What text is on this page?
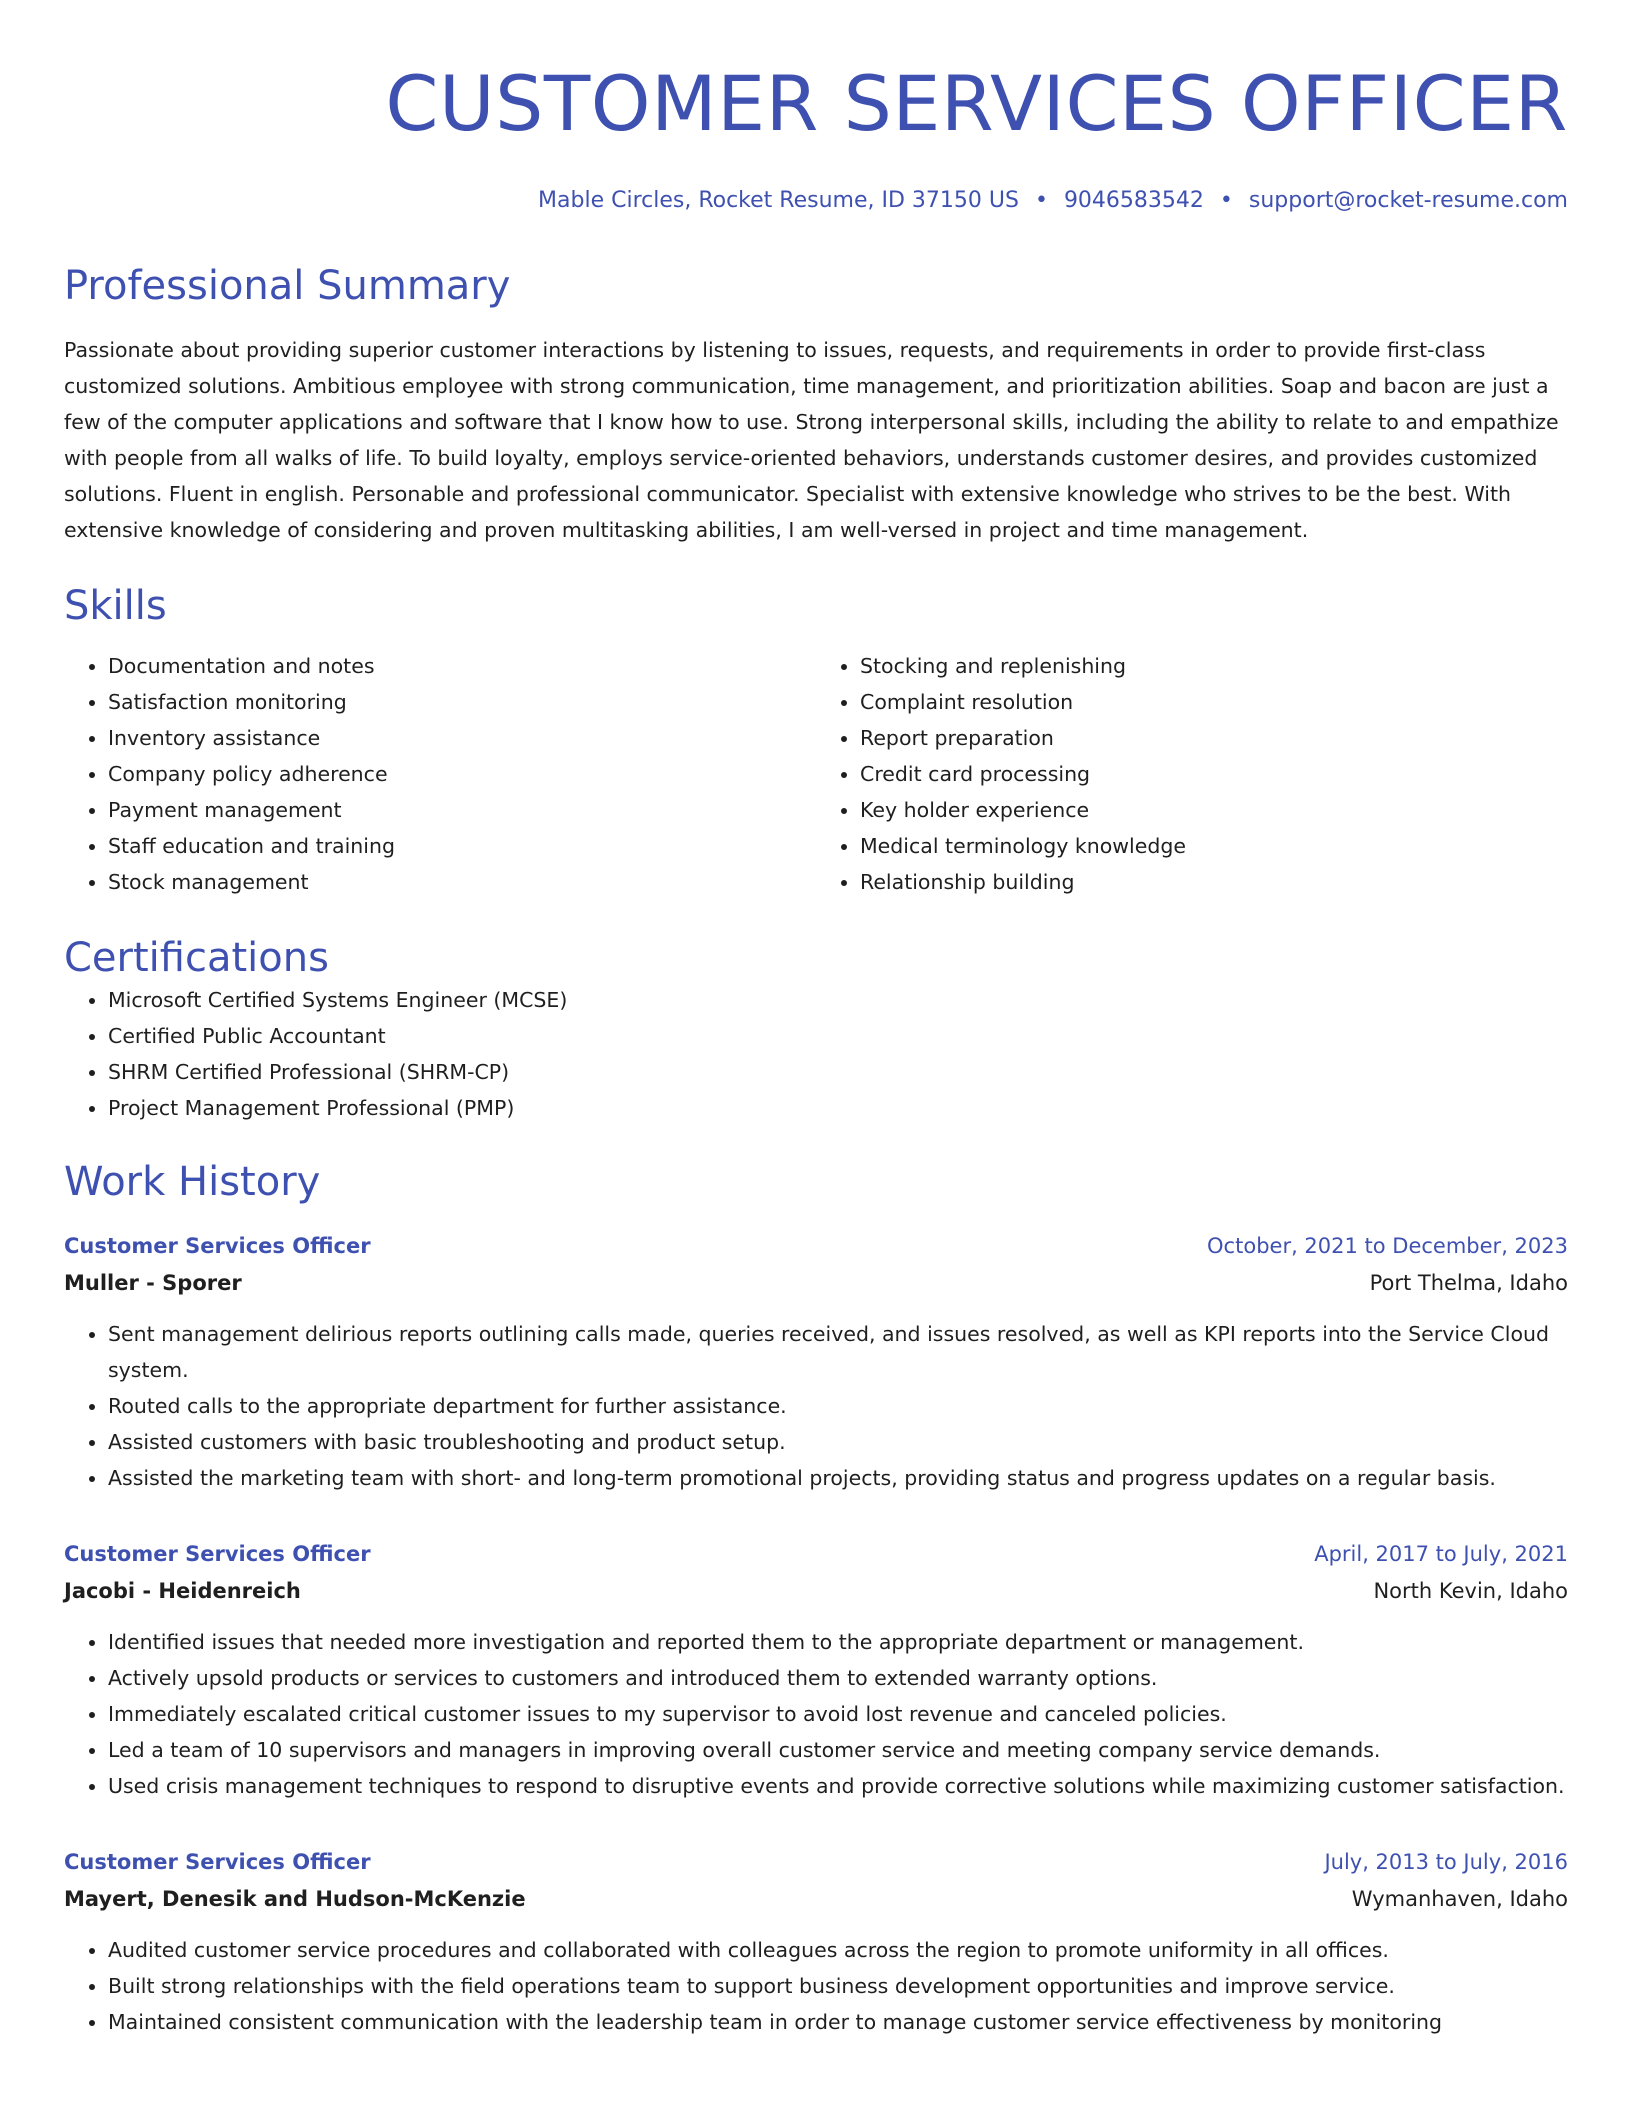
CUSTOMER SERVICES OFFICER
Mable Circles, Rocket Resume, ID 37150 US • 9046583542 • support@rocket-resume.com
Professional Summary

Passionate about providing superior customer interactions by listening to issues, requests, and requirements in order to provide first-class customized solutions. Ambitious employee with strong communication, time management, and prioritization abilities. Soap and bacon are just a few of the computer applications and software that I know how to use. Strong interpersonal skills, including the ability to relate to and empathize with people from all walks of life. To build loyalty, employs service-oriented behaviors, understands customer desires, and provides customized solutions. Fluent in english. Personable and professional communicator. Specialist with extensive knowledge who strives to be the best. With extensive knowledge of considering and proven multitasking abilities, I am well-versed in project and time management.

Skills
• Documentation and notes
• Satisfaction monitoring
• Inventory assistance
• Company policy adherence
• Payment management
• Staff education and training
• Stock management
• Stocking and replenishing
• Complaint resolution
• Report preparation
• Credit card processing
• Key holder experience
• Medical terminology knowledge
• Relationship building
Certifications
• Microsoft Certified Systems Engineer (MCSE)
• Certified Public Accountant
• SHRM Certified Professional (SHRM-CP)
• Project Management Professional (PMP)
Work History
Customer Services Officer	October, 2021 to December, 2023
Muller - Sporer	Port Thelma, Idaho
• Sent management delirious reports outlining calls made, queries received, and issues resolved, as well as KPI reports into the Service Cloud system.
• Routed calls to the appropriate department for further assistance.
• Assisted customers with basic troubleshooting and product setup.
• Assisted the marketing team with short- and long-term promotional projects, providing status and progress updates on a regular basis.
Customer Services Officer	April, 2017 to July, 2021
Jacobi - Heidenreich	North Kevin, Idaho
• Identified issues that needed more investigation and reported them to the appropriate department or management.
• Actively upsold products or services to customers and introduced them to extended warranty options.
• Immediately escalated critical customer issues to my supervisor to avoid lost revenue and canceled policies.
• Led a team of 10 supervisors and managers in improving overall customer service and meeting company service demands.
• Used crisis management techniques to respond to disruptive events and provide corrective solutions while maximizing customer satisfaction.
Customer Services Officer	July, 2013 to July, 2016
Mayert, Denesik and Hudson-McKenzie	Wymanhaven, Idaho
• Audited customer service procedures and collaborated with colleagues across the region to promote uniformity in all offices.
• Built strong relationships with the field operations team to support business development opportunities and improve service.
• Maintained consistent communication with the leadership team in order to manage customer service effectiveness by monitoring
